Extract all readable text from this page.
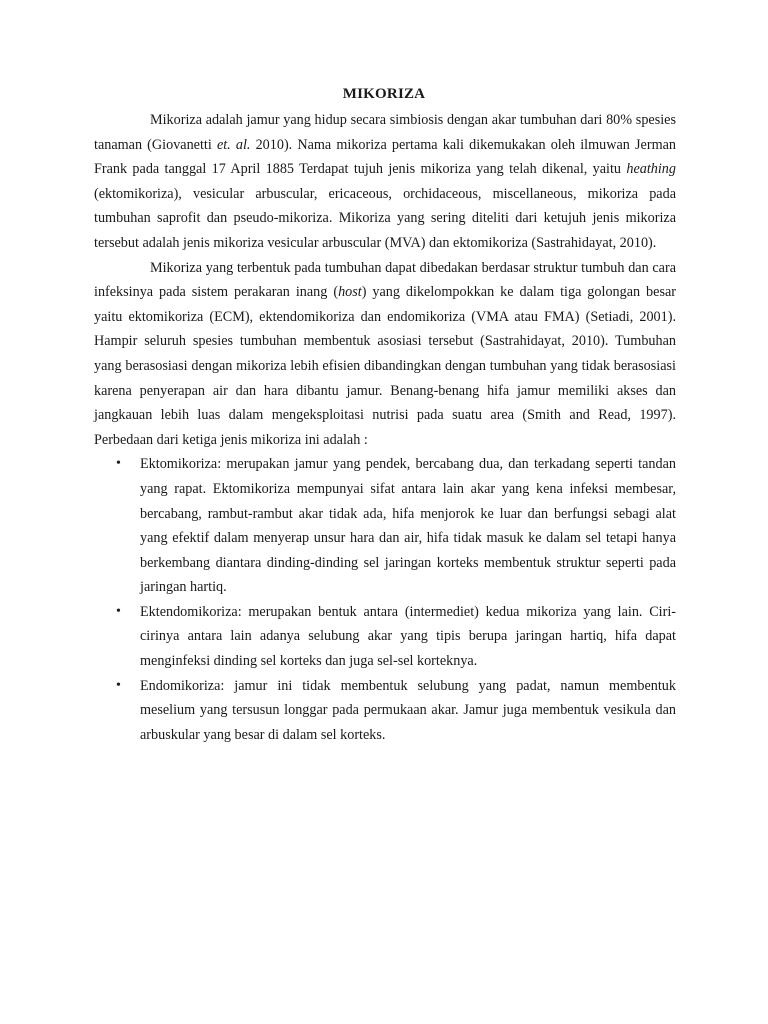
MIKORIZA

Mikoriza adalah jamur yang hidup secara simbiosis dengan akar tumbuhan dari 80% spesies tanaman (Giovanetti et. al. 2010). Nama mikoriza pertama kali dikemukakan oleh ilmuwan Jerman Frank pada tanggal 17 April 1885 Terdapat tujuh jenis mikoriza yang telah dikenal, yaitu heathing (ektomikoriza), vesicular arbuscular, ericaceous, orchidaceous, miscellaneous, mikoriza pada tumbuhan saprofit dan pseudo-mikoriza. Mikoriza yang sering diteliti dari ketujuh jenis mikoriza tersebut adalah jenis mikoriza vesicular arbuscular (MVA) dan ektomikoriza (Sastrahidayat, 2010).

Mikoriza yang terbentuk pada tumbuhan dapat dibedakan berdasar struktur tumbuh dan cara infeksinya pada sistem perakaran inang (host) yang dikelompokkan ke dalam tiga golongan besar yaitu ektomikoriza (ECM), ektendomikoriza dan endomikoriza (VMA atau FMA) (Setiadi, 2001). Hampir seluruh spesies tumbuhan membentuk asosiasi tersebut (Sastrahidayat, 2010). Tumbuhan yang berasosiasi dengan mikoriza lebih efisien dibandingkan dengan tumbuhan yang tidak berasosiasi karena penyerapan air dan hara dibantu jamur. Benang-benang hifa jamur memiliki akses dan jangkauan lebih luas dalam mengeksploitasi nutrisi pada suatu area (Smith and Read, 1997). Perbedaan dari ketiga jenis mikoriza ini adalah :

• Ektomikoriza: merupakan jamur yang pendek, bercabang dua, dan terkadang seperti tandan yang rapat. Ektomikoriza mempunyai sifat antara lain akar yang kena infeksi membesar, bercabang, rambut-rambut akar tidak ada, hifa menjorok ke luar dan berfungsi sebagi alat yang efektif dalam menyerap unsur hara dan air, hifa tidak masuk ke dalam sel tetapi hanya berkembang diantara dinding-dinding sel jaringan korteks membentuk struktur seperti pada jaringan hartiq.
• Ektendomikoriza: merupakan bentuk antara (intermediet) kedua mikoriza yang lain. Ciri-cirinya antara lain adanya selubung akar yang tipis berupa jaringan hartiq, hifa dapat menginfeksi dinding sel korteks dan juga sel-sel korteknya.
• Endomikoriza: jamur ini tidak membentuk selubung yang padat, namun membentuk meselium yang tersusun longgar pada permukaan akar. Jamur juga membentuk vesikula dan arbuskular yang besar di dalam sel korteks.
